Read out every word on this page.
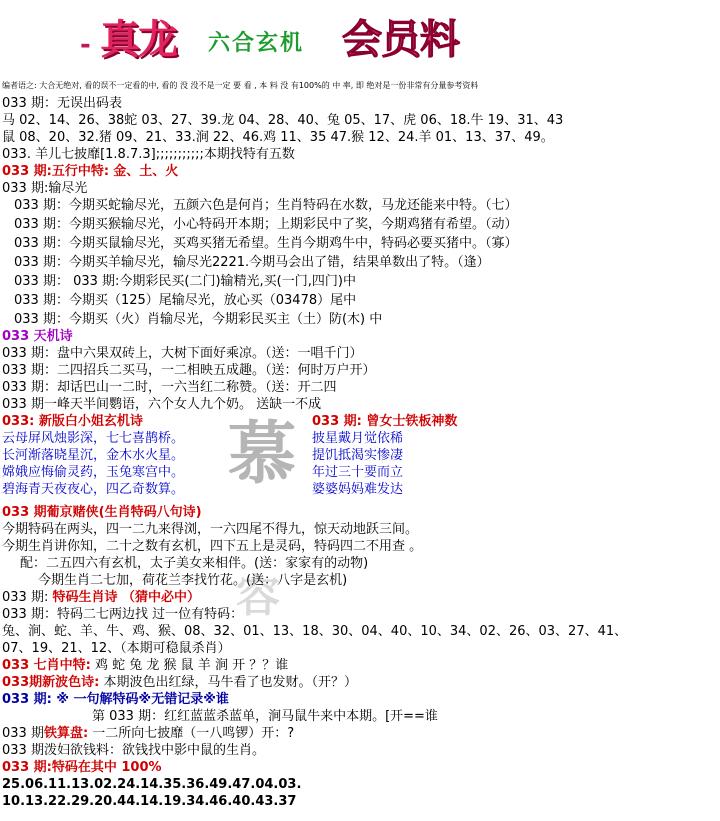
- 真龙 六合玄机 会员料
编者语之: 大合无绝对, 看的误不一定看的中, 看的 没 没不是一定 要 看 , 本 料 没 有100%的 中 率, 即 绝对是一份非常有分量参考资料
慕
容
033 期：无误出码表
马 02、14、26、38蛇 03、27、39.龙 04、28、40、兔 05、17、虎 06、18.牛 19、31、43
鼠 08、20、32.猪 09、21、33.涧 22、46.鸡 11、35 47.猴 12、24.羊 01、13、37、49。
033. 羊儿七披靡[1.8.7.3];;;;;;;;;;;本期找特有五数
033 期:五行中特: 金、土、火
033 期:输尽光
033 期：今期买蛇输尽光，五颜六色是何肖；生肖特码在水数，马龙还能来中特。（七）
033 期：今期买猴输尽光，小心特码开本期；上期彩民中了奖，今期鸡猪有希望。（动）
033 期：今期买鼠输尽光，买鸡买猪无希望。生肖今期鸡牛中，特码必要买猪中。（寡）
033 期：今期买羊输尽光，输尽光2221.今期马会出了错，结果单数出了特。（逢）
033 期： 033 期:今期彩民买(二门)输精光,买(一门,四门)中
033 期：今期买（125）尾输尽光，放心买（03478）尾中
033 期：今期买（火）肖输尽光，今期彩民买主（土）防(木) 中
033 天机诗
033 期：盘中六果双砖上，大树下面好乘凉。（送：一唱千门）
033 期：二四招兵二买马，一二相映五成趣。（送：何时万户开）
033 期：却话巴山一二时，一六当红二称赞。（送：开二四
033 期一峰天半间鹦语，六个女人九个奶。 送缺一不成
033: 新版白小姐玄机诗	033 期: 曾女士铁板神数
云母屏风烛影深，七七喜鹊桥。
长河渐落晓星沉，金木水火星。
嫦娥应悔偷灵药，玉兔寒宫中。
碧海青天夜夜心，四乙奇数算。
披星戴月觉依稀
提饥抵渴实惨凄
年过三十要而立
婆婆妈妈难发达
033 期葡京赌侠(生肖特码八句诗)
今期特码在两头，四一二九来得浏，一六四尾不得九，惊天动地跃三间。
今期生肖讲你知，二十之数有玄机，四下五上是灵码，特码四二不用查 。
配：二五四六有玄机，太子美女来相伴。(送：家家有的动物)
今期生肖二七加，荷花兰李找竹花。(送：八字是玄机)
033 期: 特码生肖诗 （猜中必中）
033 期：特码二七两边找 过一位有特码：
兔、涧、蛇、羊、牛、鸡、猴、08、32、01、13、18、30、04、40、10、34、02、26、03、27、41、
07、19、21、12、（本期可稳鼠杀肖）
033 七肖中特: 鸡 蛇 兔 龙 猴 鼠 羊 涧 开 ？？谁
033期新波色诗: 本期波色出红绿，马牛看了也发财。（开？）
033 期: ※ 一句解特码※无错记录※谁
第 033 期：红红蓝蓝杀蓝单，涧马鼠牛来中本期。[开==谁
033 期铁算盘: 一二所向七披靡（一八鸣锣）开：?
033 期泼妇欲钱料：欲钱找中影中鼠的生肖。
033 期:特码在其中 100%
25.06.11.13.02.24.14.35.36.49.47.04.03.
10.13.22.29.20.44.14.19.34.46.40.43.37
